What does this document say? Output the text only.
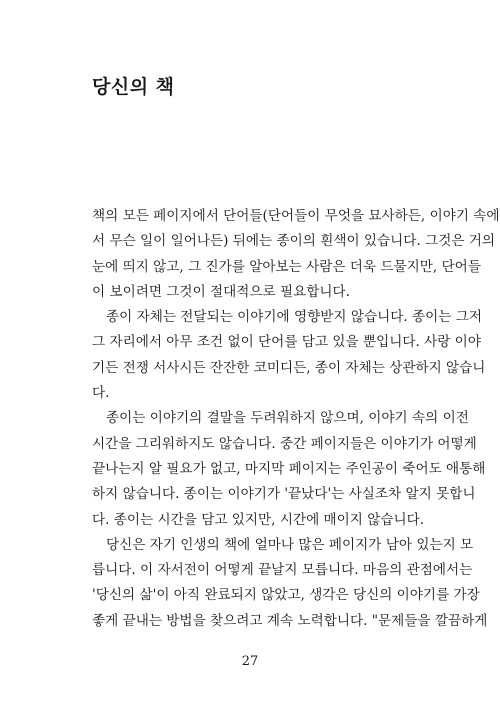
당신의 책

책의 모든 페이지에서 단어들(단어들이 무엇을 묘사하든, 이야기 속에
서 무슨 일이 일어나든) 뒤에는 종이의 흰색이 있습니다. 그것은 거의
눈에 띄지 않고, 그 진가를 알아보는 사람은 더욱 드물지만, 단어들
이 보이려면 그것이 절대적으로 필요합니다.

종이 자체는 전달되는 이야기에 영향받지 않습니다. 종이는 그저
그 자리에서 아무 조건 없이 단어를 담고 있을 뿐입니다. 사랑 이야
기든 전쟁 서사시든 잔잔한 코미디든, 종이 자체는 상관하지 않습니
다.

종이는 이야기의 결말을 두려워하지 않으며, 이야기 속의 이전
시간을 그리워하지도 않습니다. 중간 페이지들은 이야기가 어떻게
끝나는지 알 필요가 없고, 마지막 페이지는 주인공이 죽어도 애통해
하지 않습니다. 종이는 이야기가 '끝났다'는 사실조차 알지 못합니
다. 종이는 시간을 담고 있지만, 시간에 매이지 않습니다.

당신은 자기 인생의 책에 얼마나 많은 페이지가 남아 있는지 모
릅니다. 이 자서전이 어떻게 끝날지 모릅니다. 마음의 관점에서는
'당신의 삶'이 아직 완료되지 않았고, 생각은 당신의 이야기를 가장
좋게 끝내는 방법을 찾으려고 계속 노력합니다. "문제들을 깔끔하게

27
